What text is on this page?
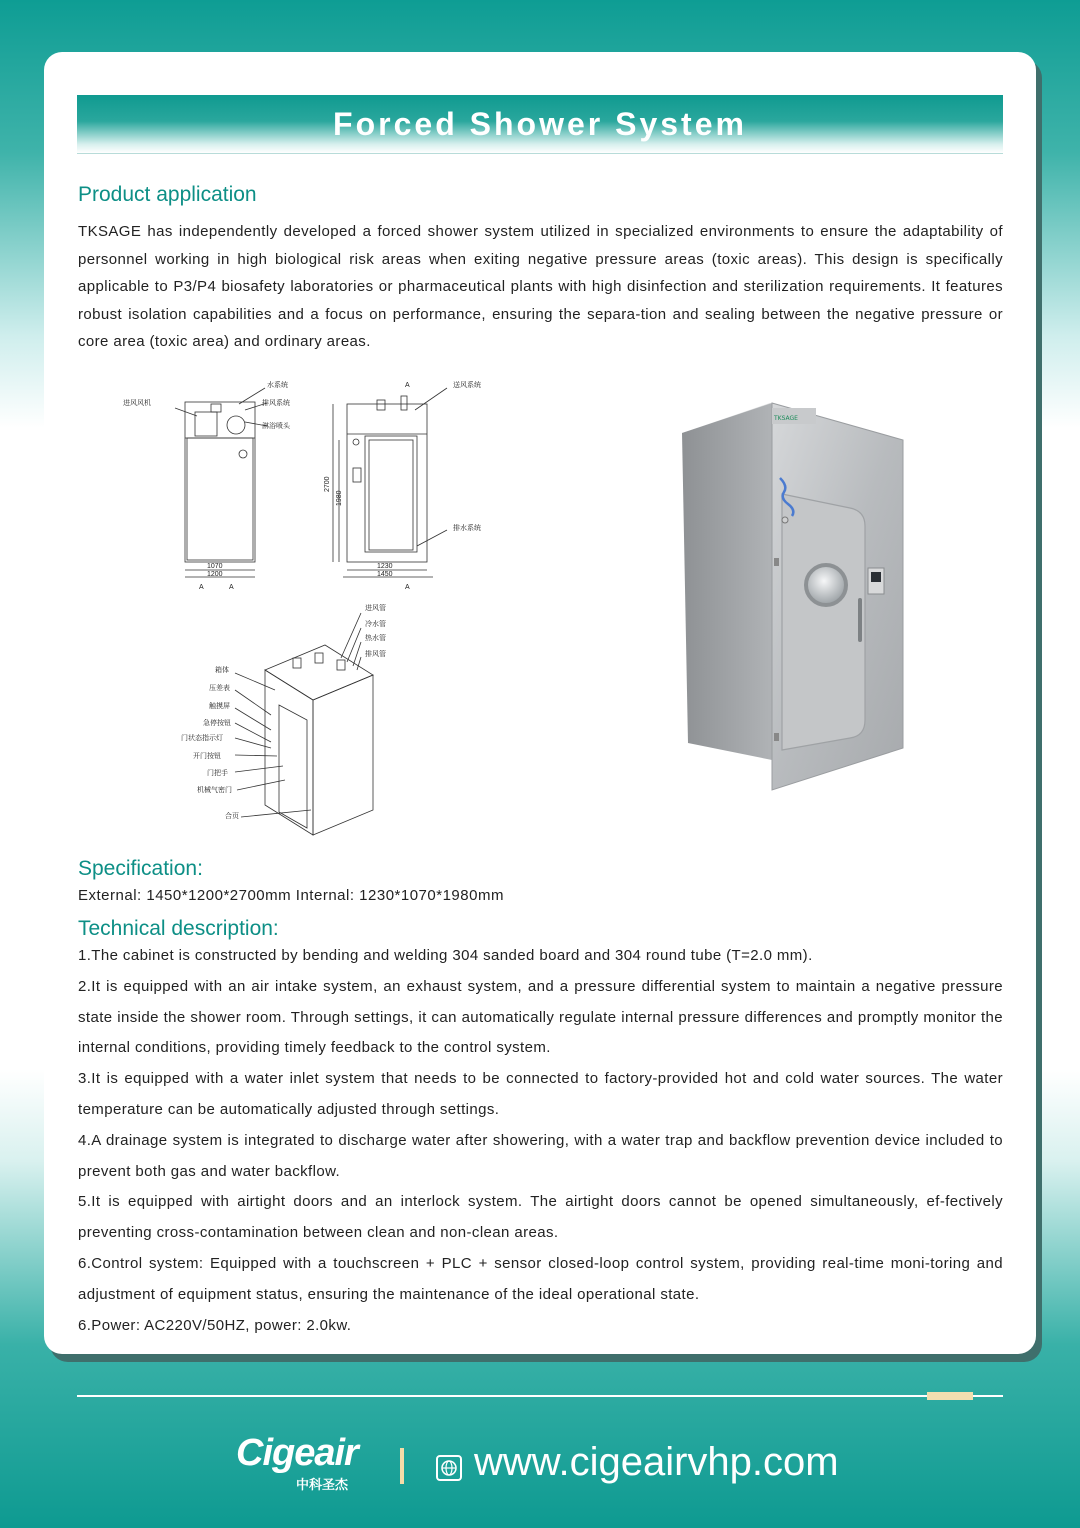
Forced Shower System
Product application
TKSAGE has independently developed a forced shower system utilized in specialized environments to ensure the adaptability of personnel working in high biological risk areas when exiting negative pressure areas (toxic areas). This design is specifically applicable to P3/P4 biosafety laboratories or pharmaceutical plants with high disinfection and sterilization requirements. It features robust isolation capabilities and a focus on performance, ensuring the separa-tion and sealing between the negative pressure or core area (toxic area) and ordinary areas.
进风风机
水系统
排风系统
淋浴喷头
1070
1200
A	A
送风系统
排水系统
2700
1980
1230
1450
A
A
进风管
冷水管
热水管
排风管
箱体
压差表
触摸屏
急停按钮
门状态指示灯
开门按钮
门把手
机械气密门
合页
TKSAGE
Specification:
External: 1450*1200*2700mm Internal: 1230*1070*1980mm
Technical description:

1.The cabinet is constructed by bending and welding 304 sanded board and 304 round tube (T=2.0 mm).

2.It is equipped with an air intake system, an exhaust system, and a pressure differential system to maintain a negative pressure state inside the shower room. Through settings, it can automatically regulate internal pressure differences and promptly monitor the internal conditions, providing timely feedback to the control system.

3.It is equipped with a water inlet system that needs to be connected to factory-provided hot and cold water sources. The water temperature can be automatically adjusted through settings.

4.A drainage system is integrated to discharge water after showering, with a water trap and backflow prevention device included to prevent both gas and water backflow.

5.It is equipped with airtight doors and an interlock system. The airtight doors cannot be opened simultaneously, ef-fectively preventing cross-contamination between clean and non-clean areas.

6.Control system: Equipped with a touchscreen + PLC + sensor closed-loop control system, providing real-time moni-toring and adjustment of equipment status, ensuring the maintenance of the ideal operational state.

6.Power: AC220V/50HZ, power: 2.0kw.

Cigeair
中科圣杰
www.cigeairvhp.com
